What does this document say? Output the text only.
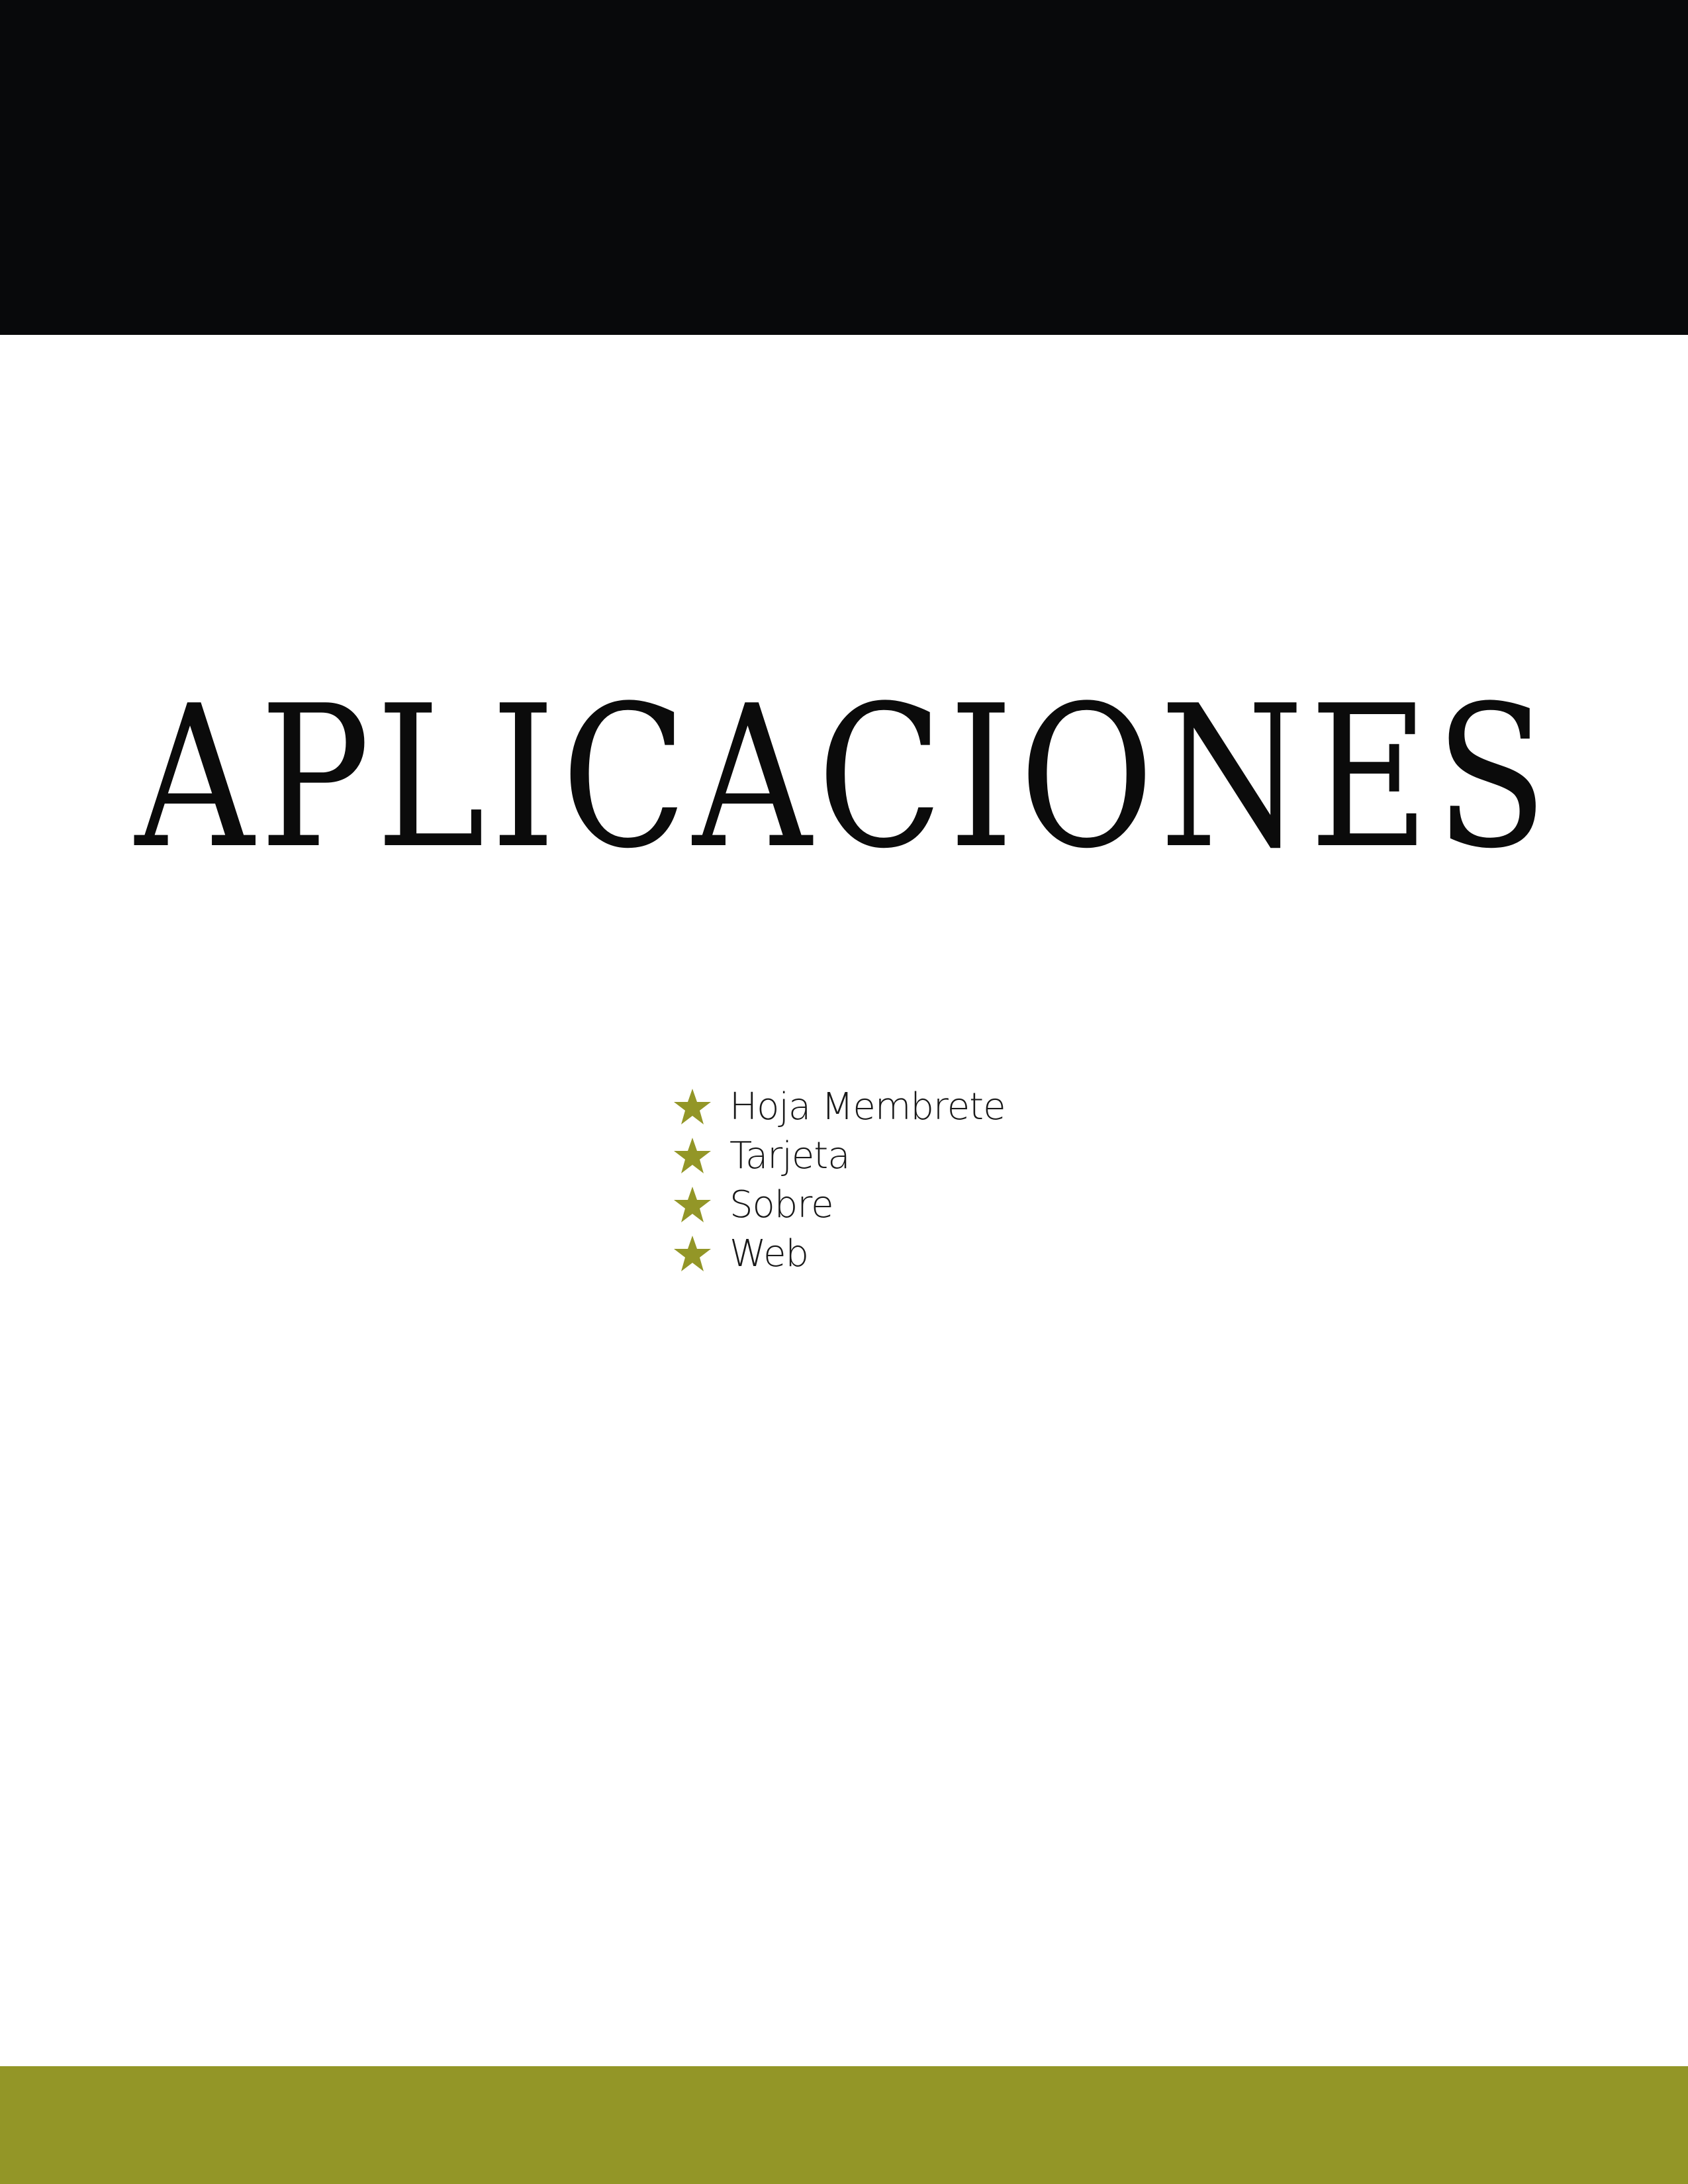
APLICACIONES
Hoja Membrete
Tarjeta
Sobre
Web
